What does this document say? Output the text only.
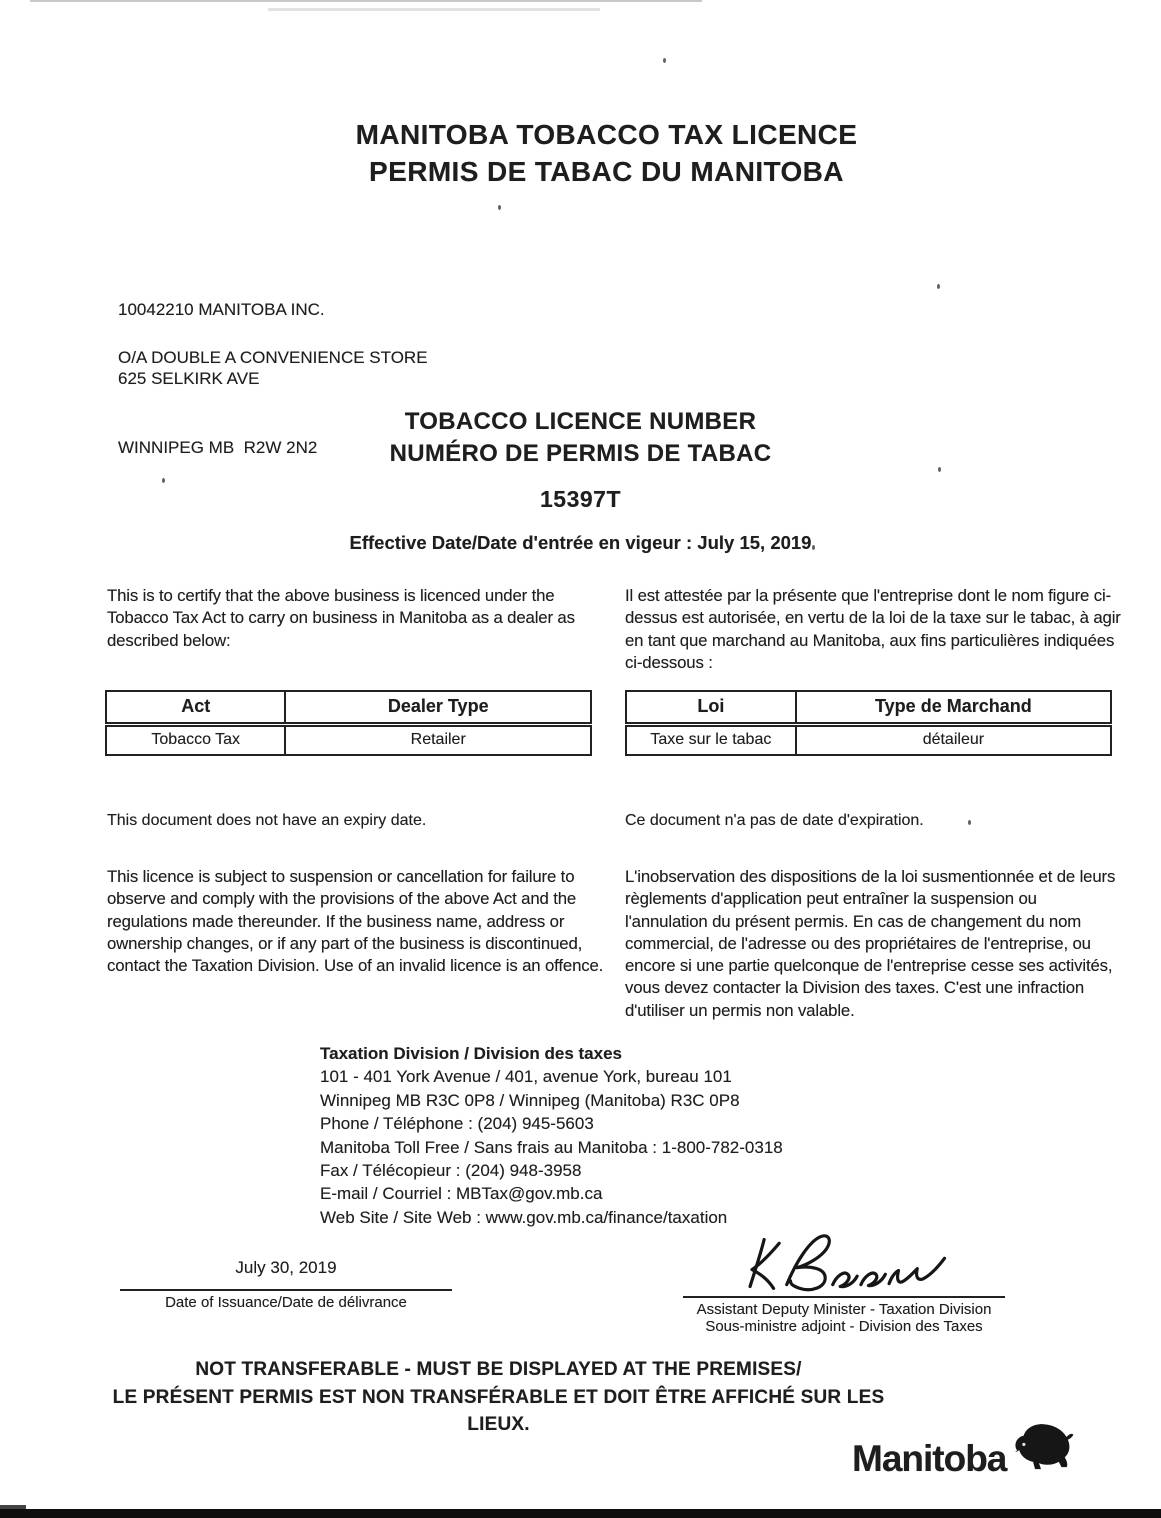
MANITOBA TOBACCO TAX LICENCE
PERMIS DE TABAC DU MANITOBA

10042210 MANITOBA INC.

625 SELKIRK AVE

WINNIPEG MB  R2W 2N2

O/A DOUBLE A CONVENIENCE STORE
TOBACCO LICENCE NUMBER
NUMÉRO DE PERMIS DE TABAC
15397T
Effective Date/Date d'entrée en vigeur : July 15, 2019
This is to certify that the above business is licenced under the Tobacco Tax Act to carry on business in Manitoba as a dealer as described below:
Il est attestée par la présente que l'entreprise dont le nom figure ci-dessus est autorisée, en vertu de la loi de la taxe sur le tabac, à agir en tant que marchand au Manitoba, aux fins particulières indiquées ci-dessous :
Act	Dealer Type
Tobacco Tax	Retailer
Loi	Type de Marchand
Taxe sur le tabac	détaileur
This document does not have an expiry date.	Ce document n'a pas de date d'expiration.
This licence is subject to suspension or cancellation for failure to observe and comply with the provisions of the above Act and the regulations made thereunder. If the business name, address or ownership changes, or if any part of the business is discontinued, contact the Taxation Division. Use of an invalid licence is an offence.
L'inobservation des dispositions de la loi susmentionnée et de leurs règlements d'application peut entraîner la suspension ou l'annulation du présent permis. En cas de changement du nom commercial, de l'adresse ou des propriétaires de l'entreprise, ou encore si une partie quelconque de l'entreprise cesse ses activités, vous devez contacter la Division des taxes. C'est une infraction d'utiliser un permis non valable.
Taxation Division / Division des taxes
101 - 401 York Avenue / 401, avenue York, bureau 101
Winnipeg MB R3C 0P8 / Winnipeg (Manitoba) R3C 0P8
Phone / Téléphone : (204) 945-5603
Manitoba Toll Free / Sans frais au Manitoba : 1-800-782-0318
Fax / Télécopieur : (204) 948-3958
E-mail / Courriel : MBTax@gov.mb.ca
Web Site / Site Web : www.gov.mb.ca/finance/taxation
July 30, 2019
Date of Issuance/Date de délivrance	Assistant Deputy Minister - Taxation Division
Sous-ministre adjoint - Division des Taxes
NOT TRANSFERABLE - MUST BE DISPLAYED AT THE PREMISES/
LE PRÉSENT PERMIS EST NON TRANSFÉRABLE ET DOIT ÊTRE AFFICHÉ SUR LES
LIEUX.
Manitoba
